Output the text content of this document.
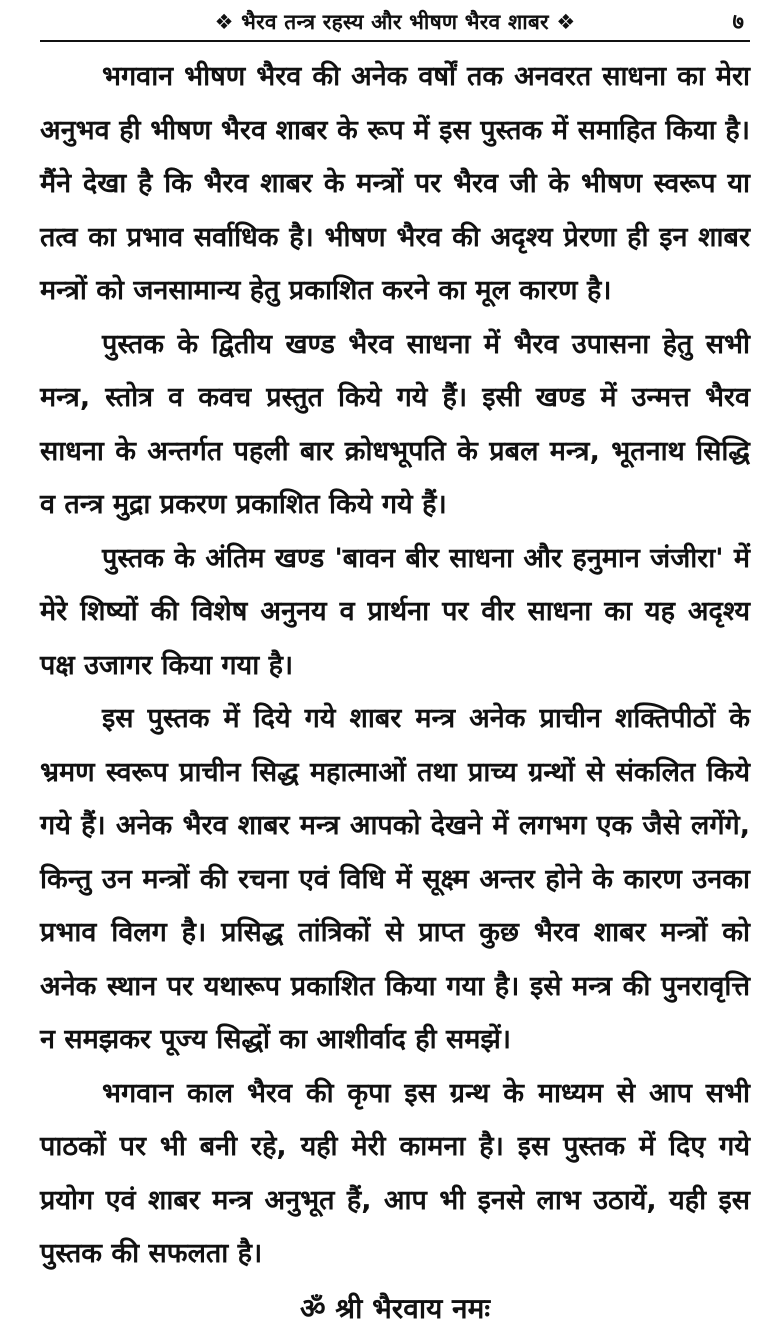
❖ भैरव तन्त्र रहस्य और भीषण भैरव शाबर ❖	७

भगवान भीषण भैरव की अनेक वर्षों तक अनवरत साधना का मेरा अनुभव ही भीषण भैरव शाबर के रूप में इस पुस्तक में समाहित किया है। मैंने देखा है कि भैरव शाबर के मन्त्रों पर भैरव जी के भीषण स्वरूप या तत्व का प्रभाव सर्वाधिक है। भीषण भैरव की अदृश्य प्रेरणा ही इन शाबर मन्त्रों को जनसामान्य हेतु प्रकाशित करने का मूल कारण है।

पुस्तक के द्वितीय खण्ड भैरव साधना में भैरव उपासना हेतु सभी मन्त्र, स्तोत्र व कवच प्रस्तुत किये गये हैं। इसी खण्ड में उन्मत्त भैरव साधना के अन्तर्गत पहली बार क्रोधभूपति के प्रबल मन्त्र, भूतनाथ सिद्धि व तन्त्र मुद्रा प्रकरण प्रकाशित किये गये हैं।

पुस्तक के अंतिम खण्ड 'बावन बीर साधना और हनुमान जंजीरा' में मेरे शिष्यों की विशेष अनुनय व प्रार्थना पर वीर साधना का यह अदृश्य पक्ष उजागर किया गया है।

इस पुस्तक में दिये गये शाबर मन्त्र अनेक प्राचीन शक्तिपीठों के भ्रमण स्वरूप प्राचीन सिद्ध महात्माओं तथा प्राच्य ग्रन्थों से संकलित किये गये हैं। अनेक भैरव शाबर मन्त्र आपको देखने में लगभग एक जैसे लगेंगे, किन्तु उन मन्त्रों की रचना एवं विधि में सूक्ष्म अन्तर होने के कारण उनका प्रभाव विलग है। प्रसिद्ध तांत्रिकों से प्राप्त कुछ भैरव शाबर मन्त्रों को अनेक स्थान पर यथारूप प्रकाशित किया गया है। इसे मन्त्र की पुनरावृत्ति न समझकर पूज्य सिद्धों का आशीर्वाद ही समझें।

भगवान काल भैरव की कृपा इस ग्रन्थ के माध्यम से आप सभी पाठकों पर भी बनी रहे, यही मेरी कामना है। इस पुस्तक में दिए गये प्रयोग एवं शाबर मन्त्र अनुभूत हैं, आप भी इनसे लाभ उठायें, यही इस पुस्तक की सफलता है।

ॐ श्री भैरवाय नमः
